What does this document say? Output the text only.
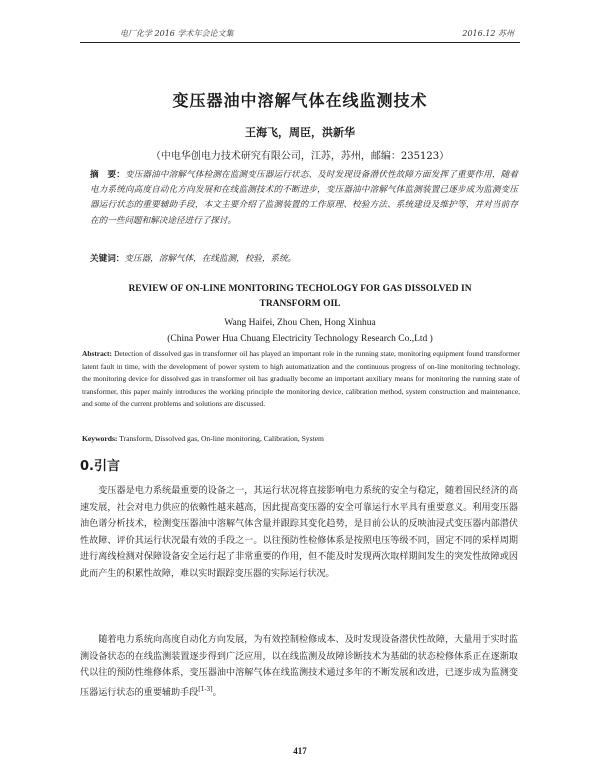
电厂化学 2016 学术年会论文集	2016.12 苏州
变压器油中溶解气体在线监测技术
王海飞，周臣，洪新华
（中电华创电力技术研究有限公司，江苏，苏州，邮编：235123）
摘　要：变压器油中溶解气体检测在监测变压器运行状态、及时发现设备潜伏性故障方面发挥了重要作用，随着电力系统向高度自动化方向发展和在线监测技术的不断进步，变压器油中溶解气体监测装置已逐步成为监测变压器运行状态的重要辅助手段，本文主要介绍了监测装置的工作原理、校验方法、系统建设及维护等，并对当前存在的一些问题和解决途径进行了探讨。
关键词：变压器，溶解气体，在线监测，校验，系统。
REVIEW OF ON-LINE MONITORING TECHOLOGY FOR GAS DISSOLVED IN TRANSFORM OIL
Wang Haifei, Zhou Chen, Hong Xinhua
(China Power Hua Chuang Electricity Technology Research Co.,Ltd )
Abstract: Detection of dissolved gas in transformer oil has played an important role in the running state, monitoring equipment found transformer latent fault in time, with the development of power system to high automatization and the continuous progress of on-line monitoring technology, the monitoring device for dissolved gas in transformer oil has gradually become an important auxiliary means for monitoring the running state of transformer, this paper mainly introduces the working principle the monitoring device, calibration method, system construction and maintenance, and some of the current problems and solutions are discussed.
Keywords: Transform, Dissolved gas, On-line monitoring, Calibration, System
0.引言
变压器是电力系统最重要的设备之一，其运行状况将直接影响电力系统的安全与稳定，随着国民经济的高速发展，社会对电力供应的依赖性越来越高，因此提高变压器的安全可靠运行水平具有重要意义。利用变压器油色谱分析技术，检测变压器油中溶解气体含量并跟踪其变化趋势，是目前公认的反映油浸式变压器内部潜伏性故障、评价其运行状况最有效的手段之一。以往预防性检修体系是按照电压等级不同，固定不同的采样周期进行离线检测对保障设备安全运行起了非常重要的作用，但不能及时发现两次取样期间发生的突发性故障或因此而产生的积累性故障，难以实时跟踪变压器的实际运行状况。
随着电力系统向高度自动化方向发展，为有效控制检修成本、及时发现设备潜伏性故障，大量用于实时监测设备状态的在线监测装置逐步得到广泛应用，以在线监测及故障诊断技术为基础的状态检修体系正在逐渐取代以往的预防性维修体系，变压器油中溶解气体在线监测技术通过多年的不断发展和改进，已逐步成为监测变压器运行状态的重要辅助手段[1-3]。
417
